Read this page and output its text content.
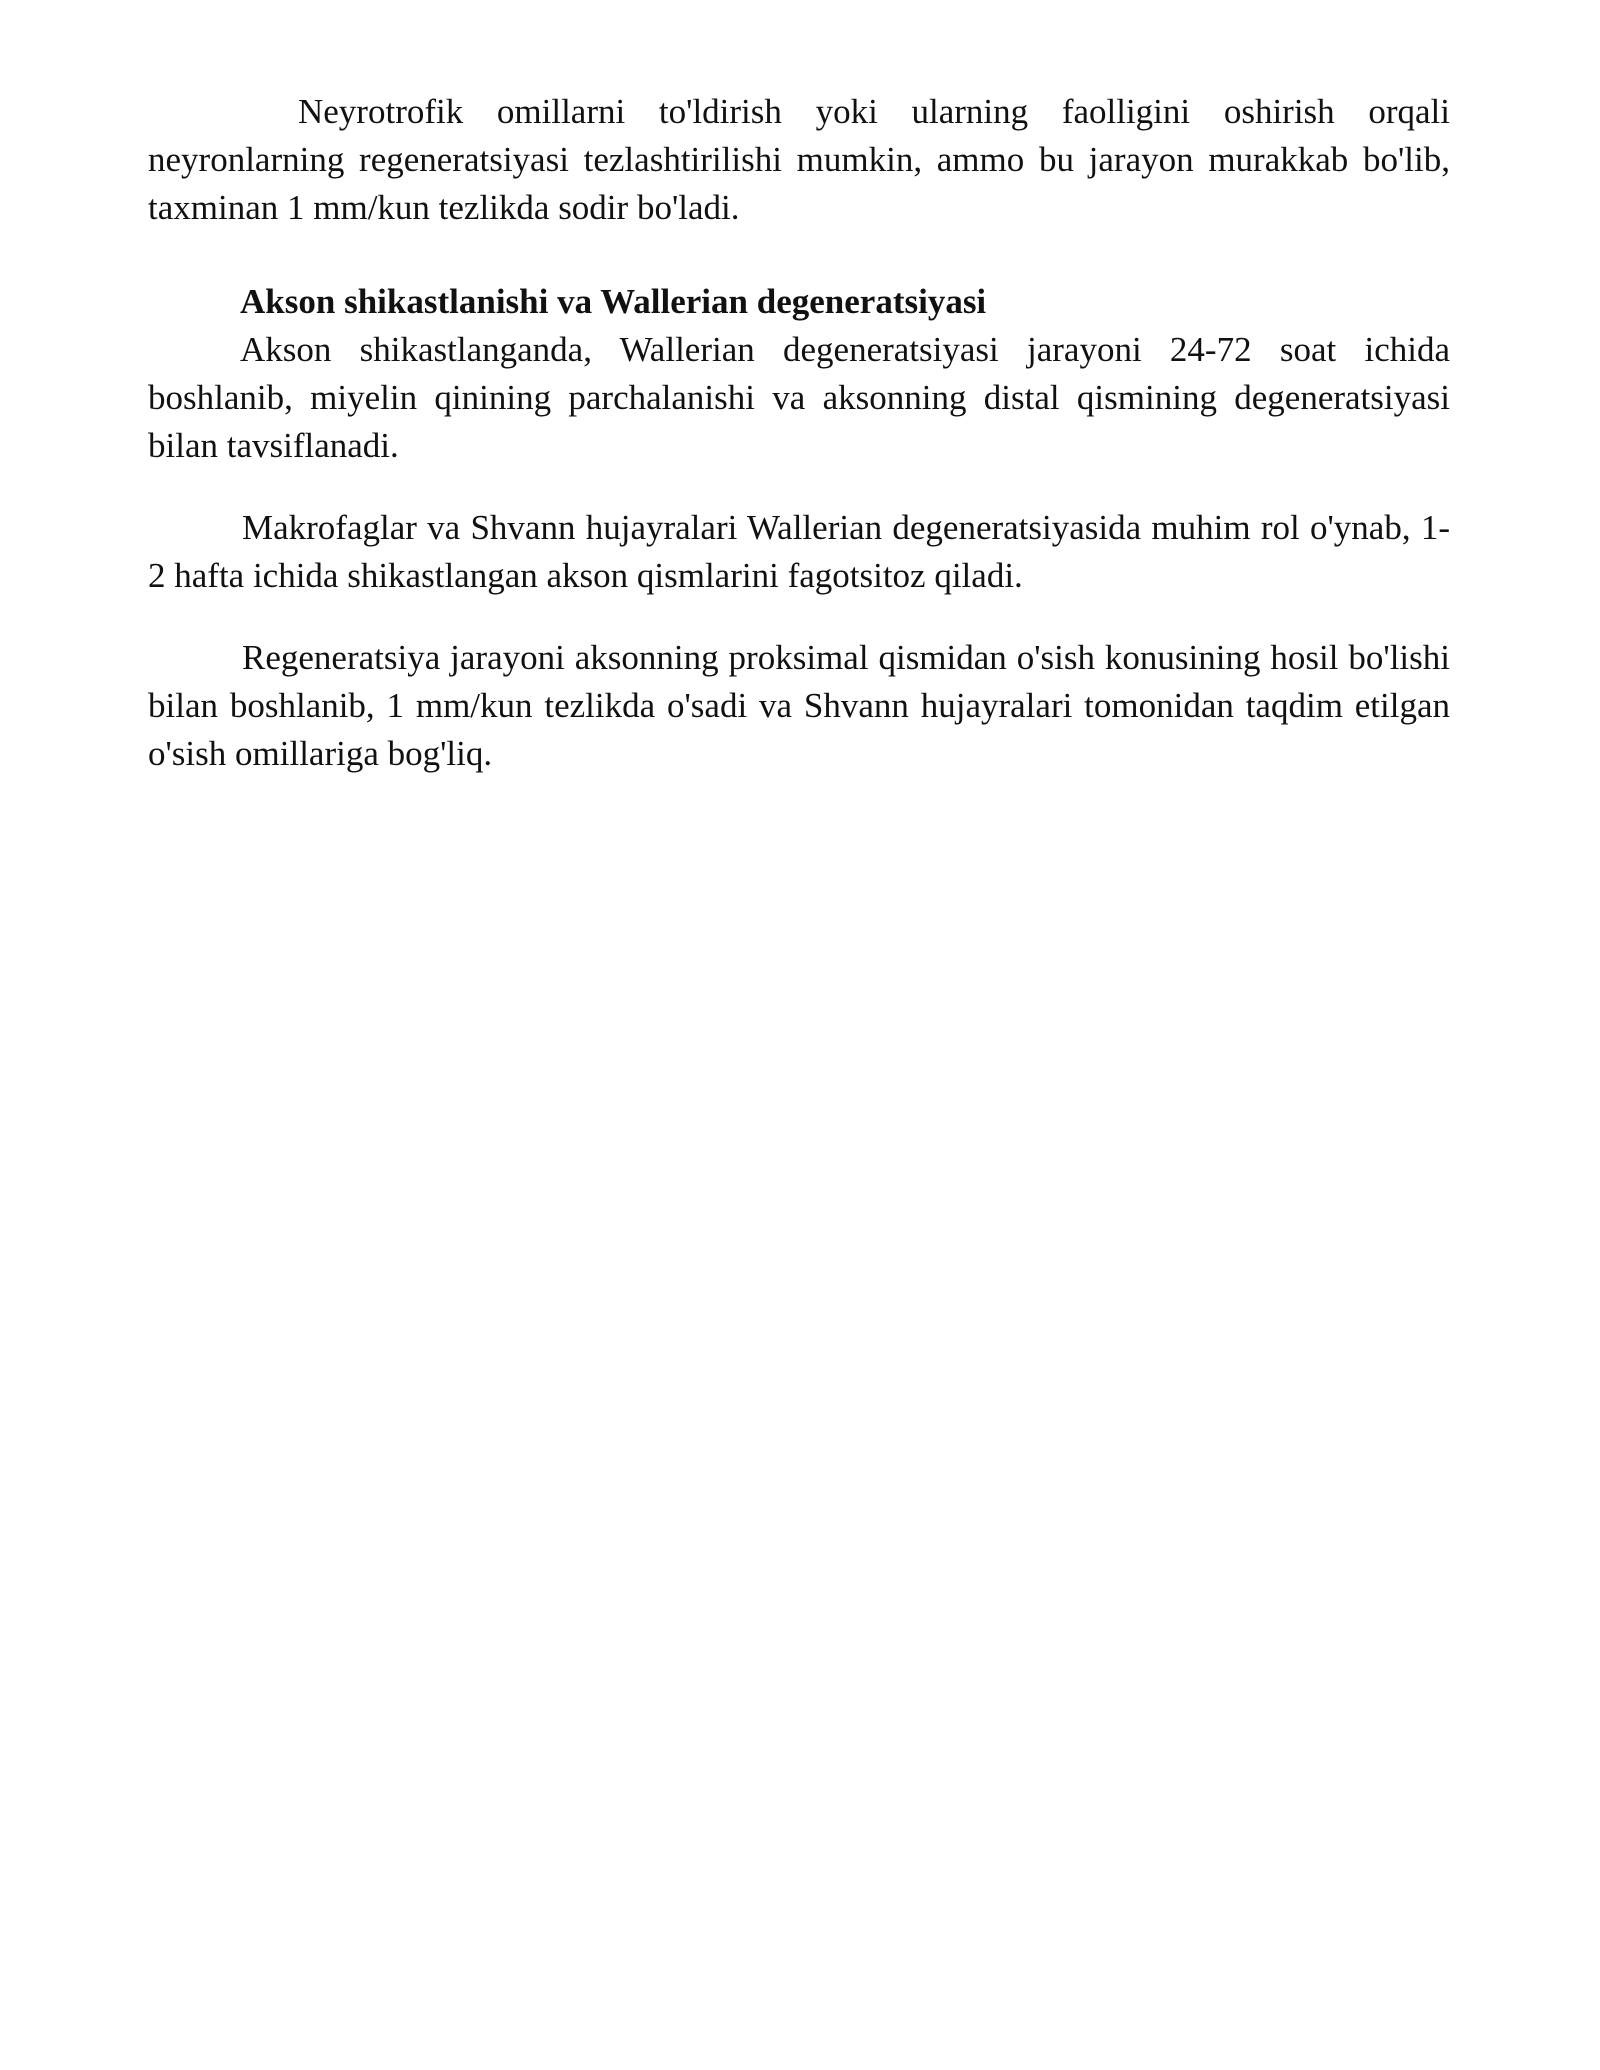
Neyrotrofik omillarni to'ldirish yoki ularning faolligini oshirish orqali neyronlarning regeneratsiyasi tezlashtirilishi mumkin, ammo bu jarayon murakkab bo'lib, taxminan 1 mm/kun tezlikda sodir bo'ladi.

Akson shikastlanishi va Wallerian degeneratsiyasi

Akson shikastlanganda, Wallerian degeneratsiyasi jarayoni 24-72 soat ichida boshlanib, miyelin qinining parchalanishi va aksonning distal qismining degeneratsiyasi bilan tavsiflanadi.

Makrofaglar va Shvann hujayralari Wallerian degeneratsiyasida muhim rol o'ynab, 1-2 hafta ichida shikastlangan akson qismlarini fagotsitoz qiladi.

Regeneratsiya jarayoni aksonning proksimal qismidan o'sish konusining hosil bo'lishi bilan boshlanib, 1 mm/kun tezlikda o'sadi va Shvann hujayralari tomonidan taqdim etilgan o'sish omillariga bog'liq.
